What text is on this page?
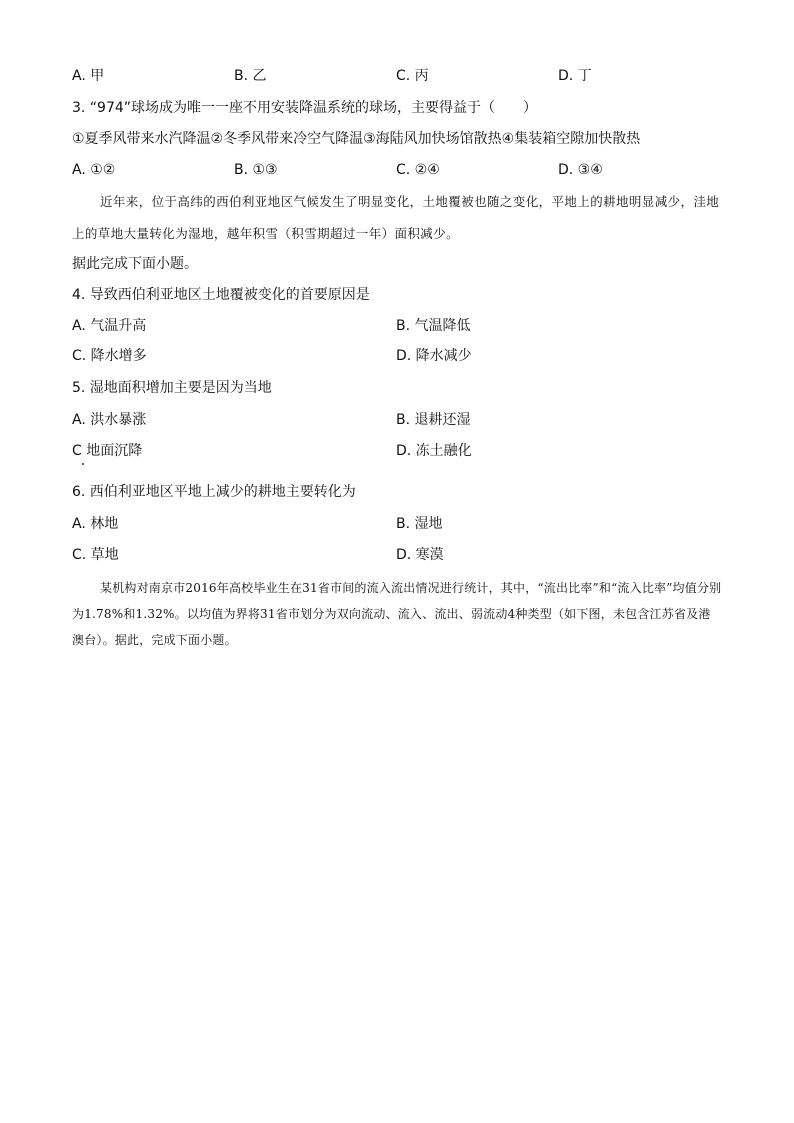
A. 甲	B. 乙	C. 丙	D. 丁
3. “974”球场成为唯一一座不用安装降温系统的球场，主要得益于（　　）
①夏季风带来水汽降温②冬季风带来冷空气降温③海陆风加快场馆散热④集装箱空隙加快散热
A. ①②	B. ①③	C. ②④	D. ③④
近年来，位于高纬的西伯利亚地区气候发生了明显变化，土地覆被也随之变化，平地上的耕地明显减少，洼地上的草地大量转化为湿地，越年积雪（积雪期超过一年）面积减少。
据此完成下面小题。
4. 导致西伯利亚地区土地覆被变化的首要原因是
A. 气温升高	B. 气温降低
C. 降水增多	D. 降水减少
5. 湿地面积增加主要是因为当地
A. 洪水暴涨	B. 退耕还湿
C 地面沉降	D. 冻土融化
6. 西伯利亚地区平地上减少的耕地主要转化为
A. 林地	B. 湿地
C. 草地	D. 寒漠
某机构对南京市2016年高校毕业生在31省市间的流入流出情况进行统计，其中，“流出比率”和“流入比率”均值分别为1.78%和1.32%。以均值为界将31省市划分为双向流动、流入、流出、弱流动4种类型（如下图，未包含江苏省及港澳台）。据此，完成下面小题。
